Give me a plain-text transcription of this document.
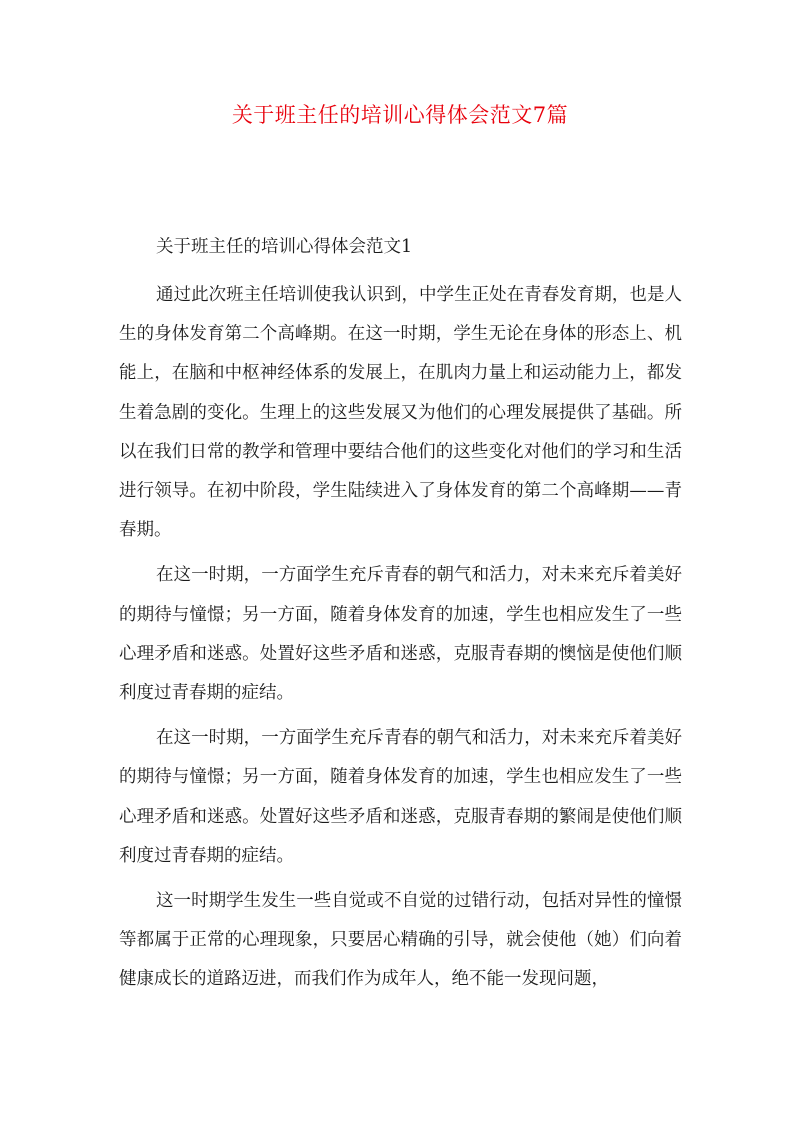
关于班主任的培训心得体会范文7篇
关于班主任的培训心得体会范文1

通过此次班主任培训使我认识到，中学生正处在青春发育期，也是人生的身体发育第二个高峰期。在这一时期，学生无论在身体的形态上、机能上，在脑和中枢神经体系的发展上，在肌肉力量上和运动能力上，都发生着急剧的变化。生理上的这些发展又为他们的心理发展提供了基础。所以在我们日常的教学和管理中要结合他们的这些变化对他们的学习和生活进行领导。在初中阶段，学生陆续进入了身体发育的第二个高峰期——青春期。

在这一时期，一方面学生充斥青春的朝气和活力，对未来充斥着美好的期待与憧憬；另一方面，随着身体发育的加速，学生也相应发生了一些心理矛盾和迷惑。处置好这些矛盾和迷惑，克服青春期的懊恼是使他们顺利度过青春期的症结。

在这一时期，一方面学生充斥青春的朝气和活力，对未来充斥着美好的期待与憧憬；另一方面，随着身体发育的加速，学生也相应发生了一些心理矛盾和迷惑。处置好这些矛盾和迷惑，克服青春期的繁闹是使他们顺利度过青春期的症结。

这一时期学生发生一些自觉或不自觉的过错行动，包括对异性的憧憬等都属于正常的心理现象，只要居心精确的引导，就会使他（她）们向着健康成长的道路迈进，而我们作为成年人，绝不能一发现问题，
